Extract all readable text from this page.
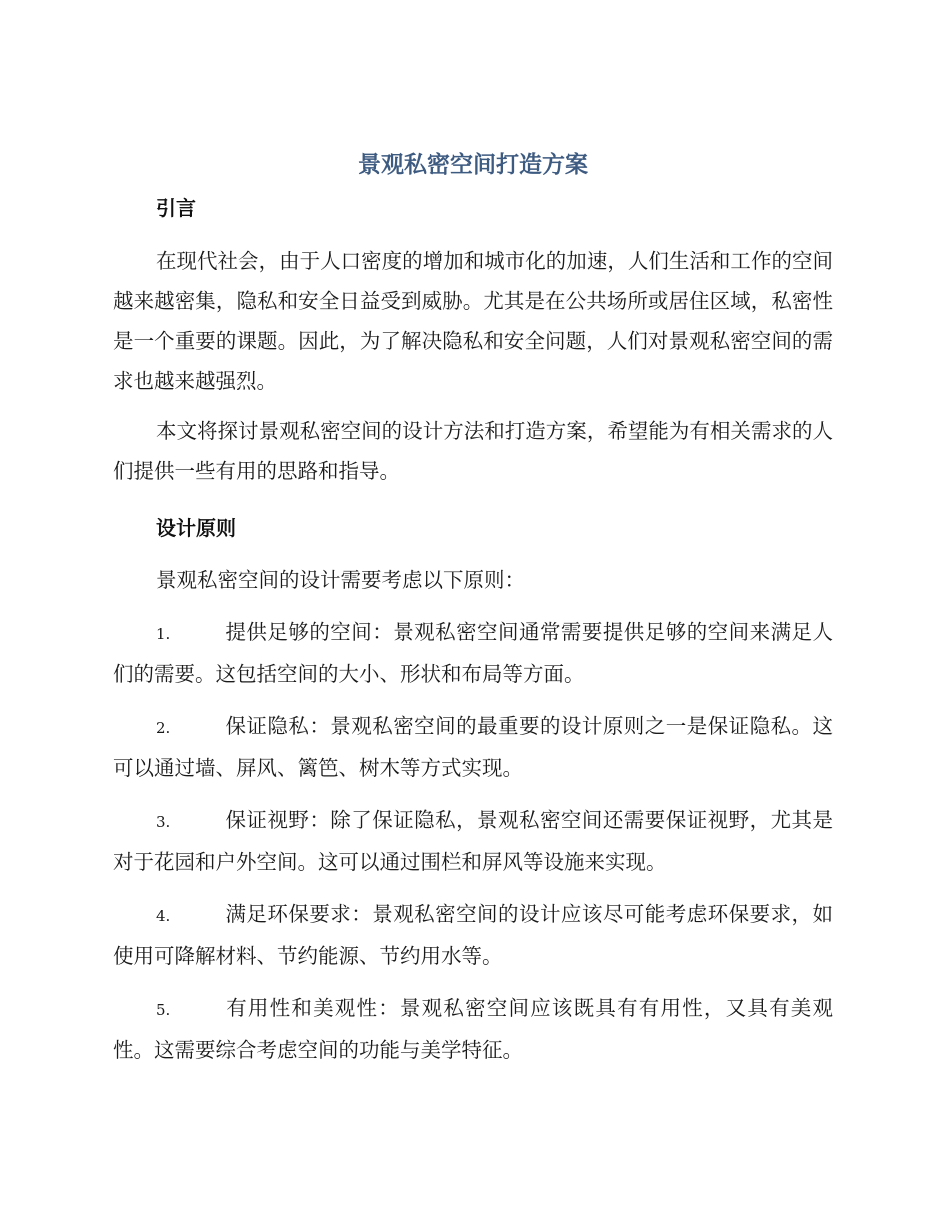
景观私密空间打造方案
引言

在现代社会，由于人口密度的增加和城市化的加速，人们生活和工作的空间越来越密集，隐私和安全日益受到威胁。尤其是在公共场所或居住区域，私密性是一个重要的课题。因此，为了解决隐私和安全问题，人们对景观私密空间的需求也越来越强烈。

本文将探讨景观私密空间的设计方法和打造方案，希望能为有相关需求的人们提供一些有用的思路和指导。

设计原则

景观私密空间的设计需要考虑以下原则：

1.	提供足够的空间：景观私密空间通常需要提供足够的空间来满足人们的需要。这包括空间的大小、形状和布局等方面。

2.	保证隐私：景观私密空间的最重要的设计原则之一是保证隐私。这可以通过墙、屏风、篱笆、树木等方式实现。

3.	保证视野：除了保证隐私，景观私密空间还需要保证视野，尤其是对于花园和户外空间。这可以通过围栏和屏风等设施来实现。

4.	满足环保要求：景观私密空间的设计应该尽可能考虑环保要求，如使用可降解材料、节约能源、节约用水等。

5.	有用性和美观性：景观私密空间应该既具有有用性，又具有美观性。这需要综合考虑空间的功能与美学特征。
